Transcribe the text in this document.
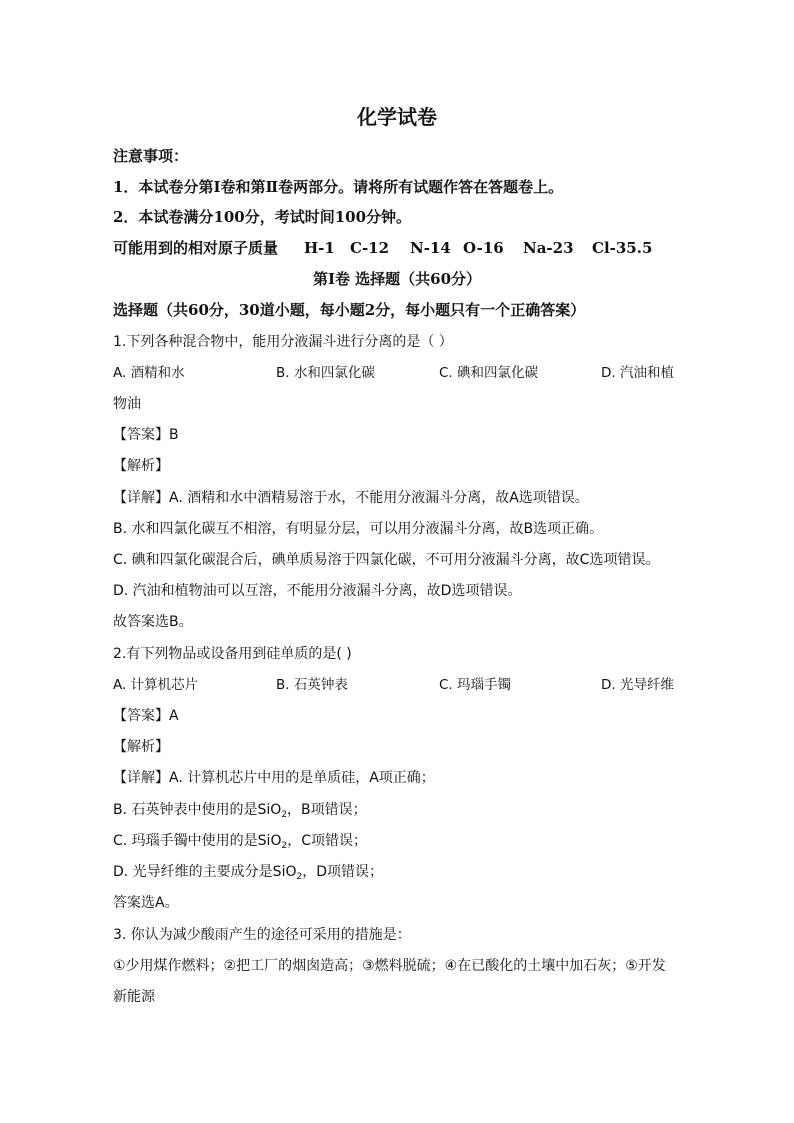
化学试卷
注意事项：
1．本试卷分第Ⅰ卷和第Ⅱ卷两部分。请将所有试题作答在答题卷上。
2．本试卷满分100分，考试时间100分钟。
可能用到的相对原子质量 H-1 C-12 N-14 O-16 Na-23 Cl-35.5
第Ⅰ卷 选择题（共60分）
选择题（共60分，30道小题，每小题2分，每小题只有一个正确答案）
1.下列各种混合物中，能用分液漏斗进行分离的是（ ）
A. 酒精和水	B. 水和四氯化碳	C. 碘和四氯化碳	D. 汽油和植
物油
【答案】B
【解析】
【详解】A. 酒精和水中酒精易溶于水，不能用分液漏斗分离，故A选项错误。
B. 水和四氯化碳互不相溶，有明显分层，可以用分液漏斗分离，故B选项正确。
C. 碘和四氯化碳混合后，碘单质易溶于四氯化碳，不可用分液漏斗分离，故C选项错误。
D. 汽油和植物油可以互溶，不能用分液漏斗分离，故D选项错误。
故答案选B。
2.有下列物品或设备用到硅单质的是( )
A. 计算机芯片	B. 石英钟表	C. 玛瑙手镯	D. 光导纤维
【答案】A
【解析】
【详解】A. 计算机芯片中用的是单质硅，A项正确；
B. 石英钟表中使用的是SiO$_2$，B项错误；
C. 玛瑙手镯中使用的是SiO$_2$，C项错误；
D. 光导纤维的主要成分是SiO$_2$，D项错误；
答案选A。
3. 你认为减少酸雨产生的途径可采用的措施是：
①少用煤作燃料；②把工厂的烟囱造高；③燃料脱硫；④在已酸化的土壤中加石灰；⑤开发
新能源
